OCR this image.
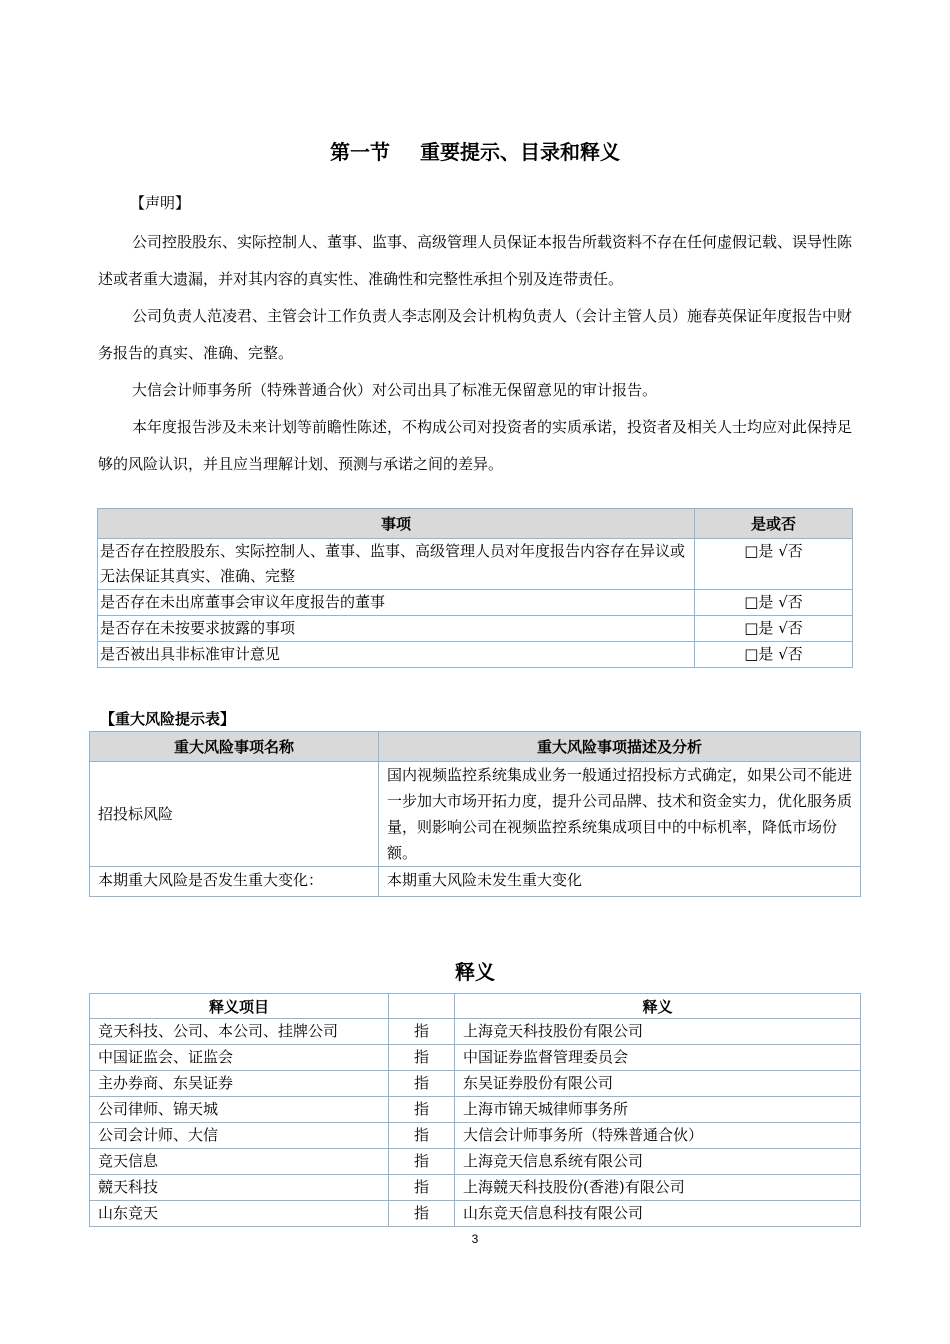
第一节 重要提示、目录和释义
【声明】

公司控股股东、实际控制人、董事、监事、高级管理人员保证本报告所载资料不存在任何虚假记载、误导性陈述或者重大遗漏，并对其内容的真实性、准确性和完整性承担个别及连带责任。

公司负责人范凌君、主管会计工作负责人李志刚及会计机构负责人（会计主管人员）施春英保证年度报告中财务报告的真实、准确、完整。

大信会计师事务所（特殊普通合伙）对公司出具了标准无保留意见的审计报告。

本年度报告涉及未来计划等前瞻性陈述，不构成公司对投资者的实质承诺，投资者及相关人士均应对此保持足够的风险认识，并且应当理解计划、预测与承诺之间的差异。

事项	是或否
是否存在控股股东、实际控制人、董事、监事、高级管理人员对年度报告内容存在异议或无法保证其真实、准确、完整	□是 √否
是否存在未出席董事会审议年度报告的董事	□是 √否
是否存在未按要求披露的事项	□是 √否
是否被出具非标准审计意见	□是 √否
【重大风险提示表】
重大风险事项名称	重大风险事项描述及分析
招投标风险	国内视频监控系统集成业务一般通过招投标方式确定，如果公司不能进一步加大市场开拓力度，提升公司品牌、技术和资金实力，优化服务质量，则影响公司在视频监控系统集成项目中的中标机率，降低市场份额。
本期重大风险是否发生重大变化：	本期重大风险未发生重大变化
释义
释义项目		释义
竞天科技、公司、本公司、挂牌公司	指	上海竞天科技股份有限公司
中国证监会、证监会	指	中国证券监督管理委员会
主办券商、东吴证券	指	东吴证券股份有限公司
公司律师、锦天城	指	上海市锦天城律师事务所
公司会计师、大信	指	大信会计师事务所（特殊普通合伙）
竞天信息	指	上海竞天信息系统有限公司
競天科技	指	上海競天科技股份(香港)有限公司
山东竞天	指	山东竞天信息科技有限公司
3
